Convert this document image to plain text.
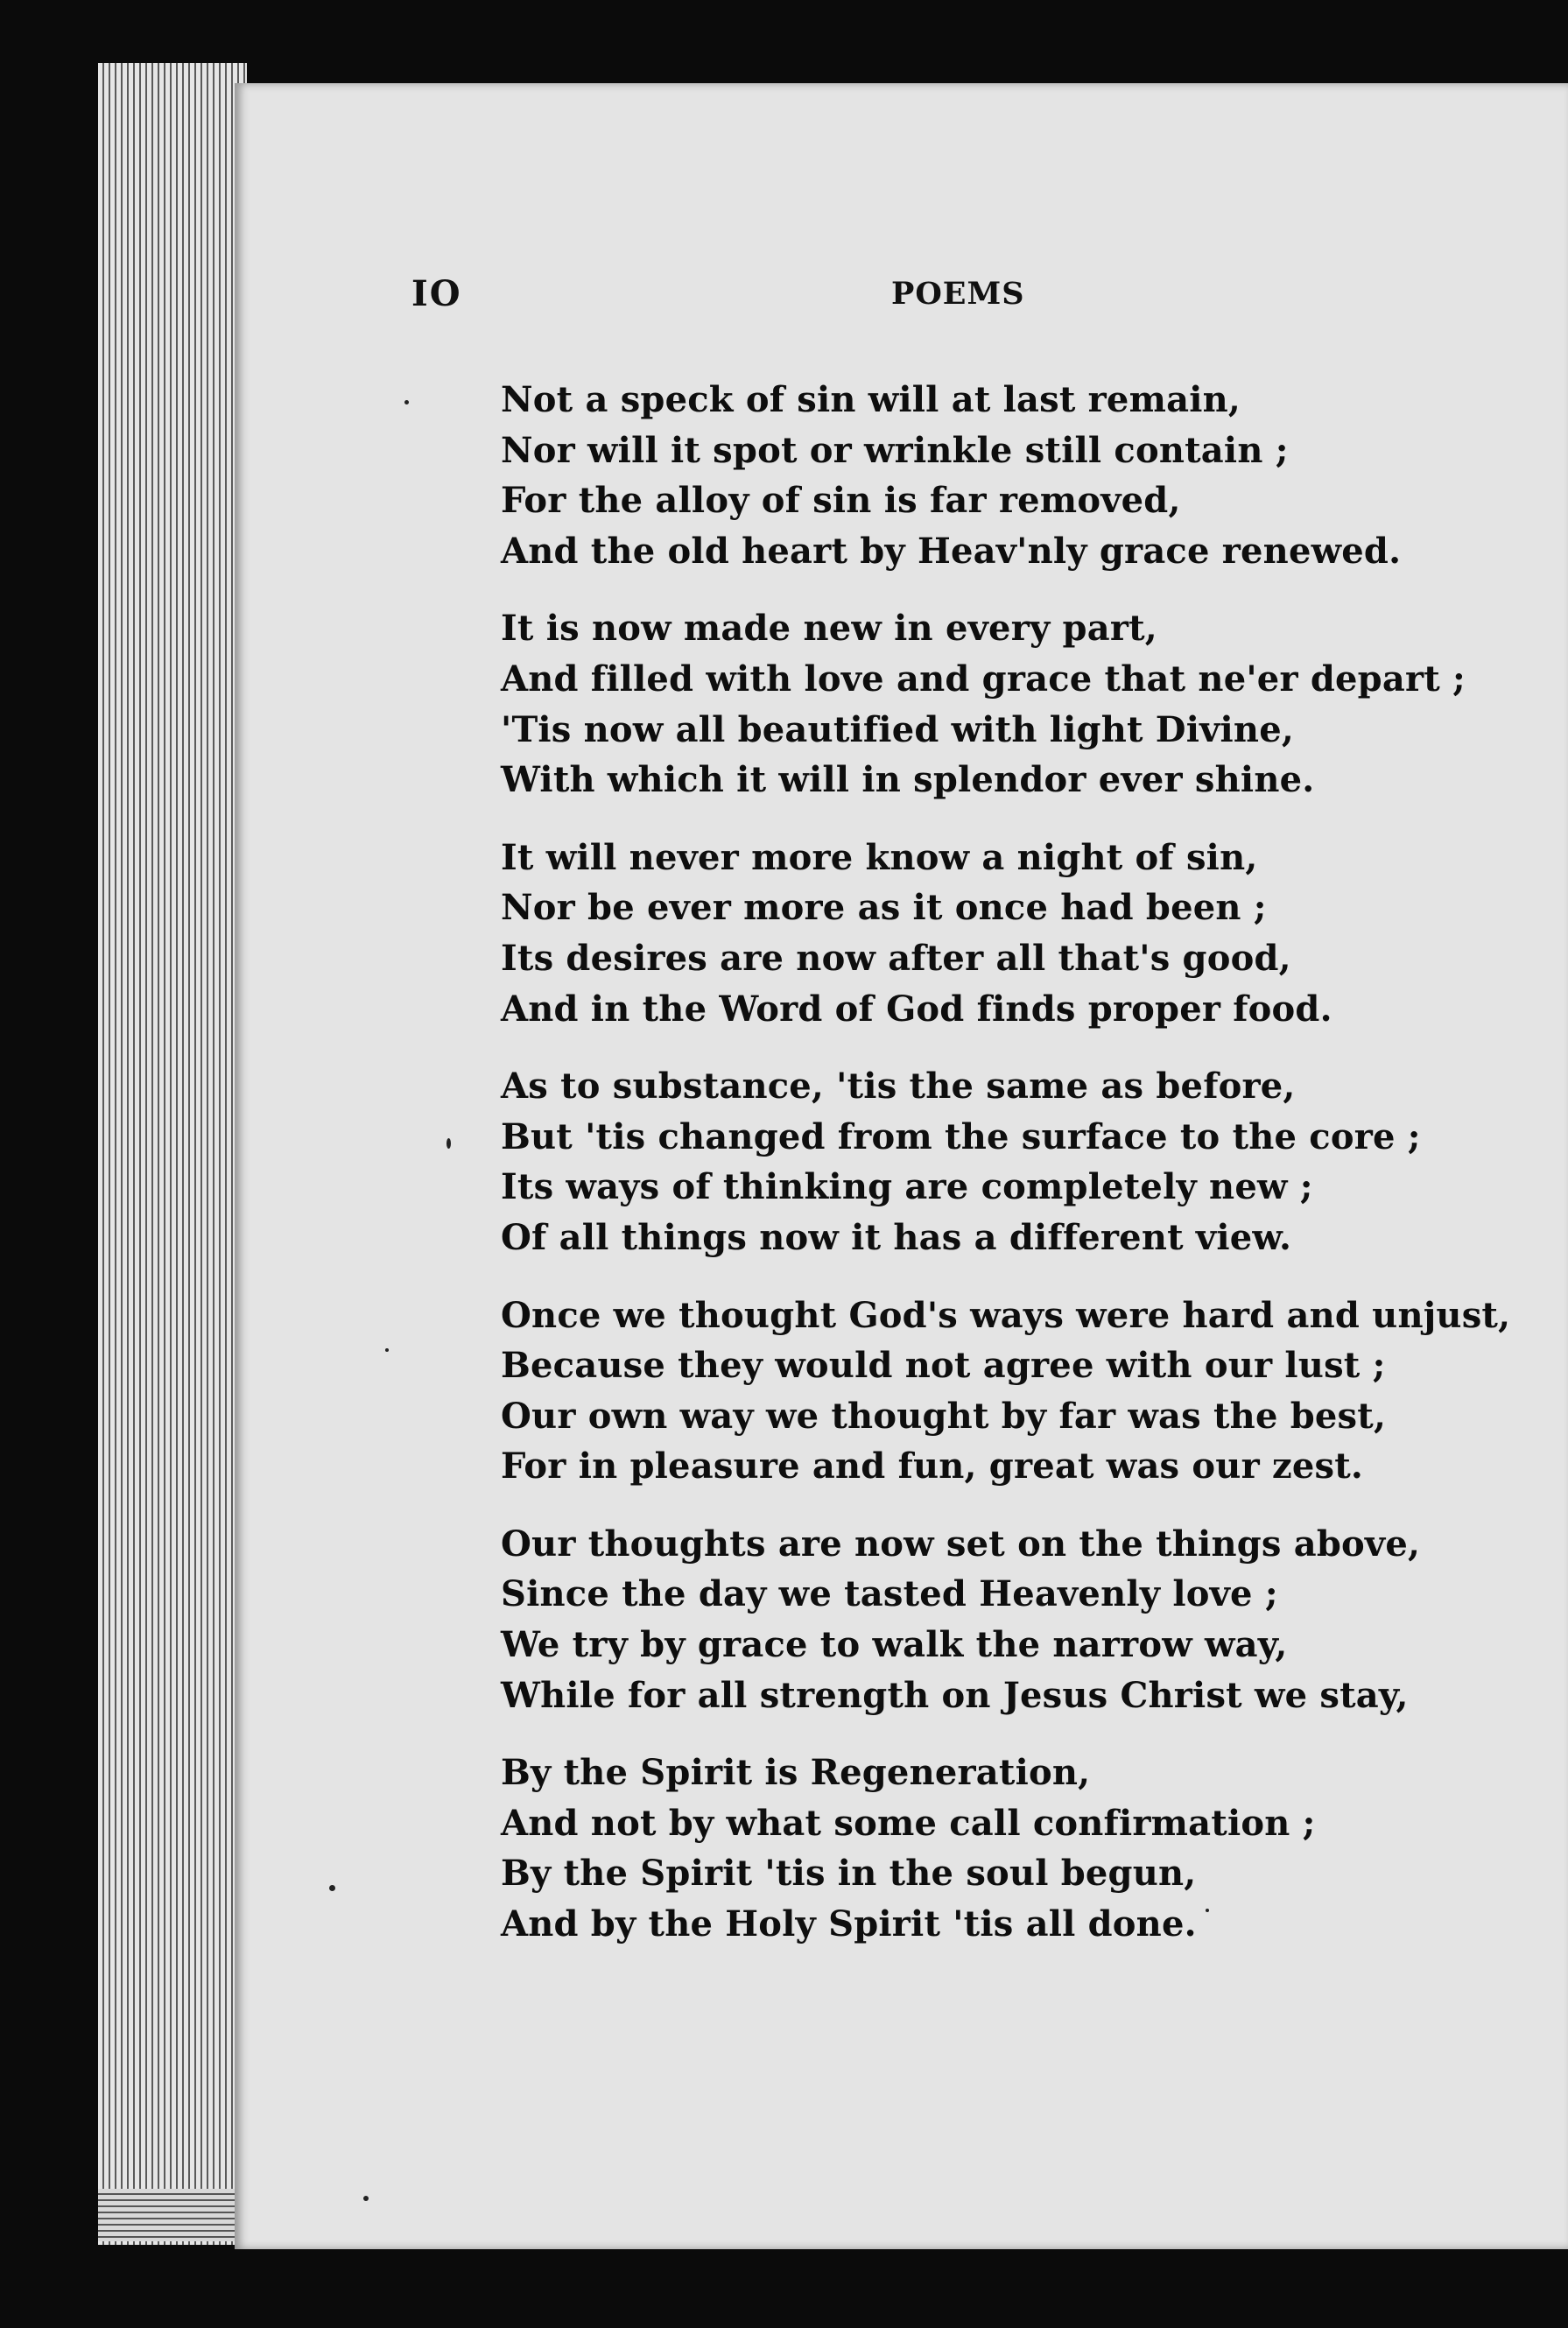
IO	POEMS
Not a speck of sin will at last remain,
Nor will it spot or wrinkle still contain ;
For the alloy of sin is far removed,
And the old heart by Heav'nly grace renewed.
It is now made new in every part,
And filled with love and grace that ne'er depart ;
'Tis now all beautified with light Divine,
With which it will in splendor ever shine.
It will never more know a night of sin,
Nor be ever more as it once had been ;
Its desires are now after all that's good,
And in the Word of God finds proper food.
As to substance, 'tis the same as before,
But 'tis changed from the surface to the core ;
Its ways of thinking are completely new ;
Of all things now it has a different view.
Once we thought God's ways were hard and unjust,
Because they would not agree with our lust ;
Our own way we thought by far was the best,
For in pleasure and fun, great was our zest.
Our thoughts are now set on the things above,
Since the day we tasted Heavenly love ;
We try by grace to walk the narrow way,
While for all strength on Jesus Christ we stay,
By the Spirit is Regeneration,
And not by what some call confirmation ;
By the Spirit 'tis in the soul begun,
And by the Holy Spirit 'tis all done.
